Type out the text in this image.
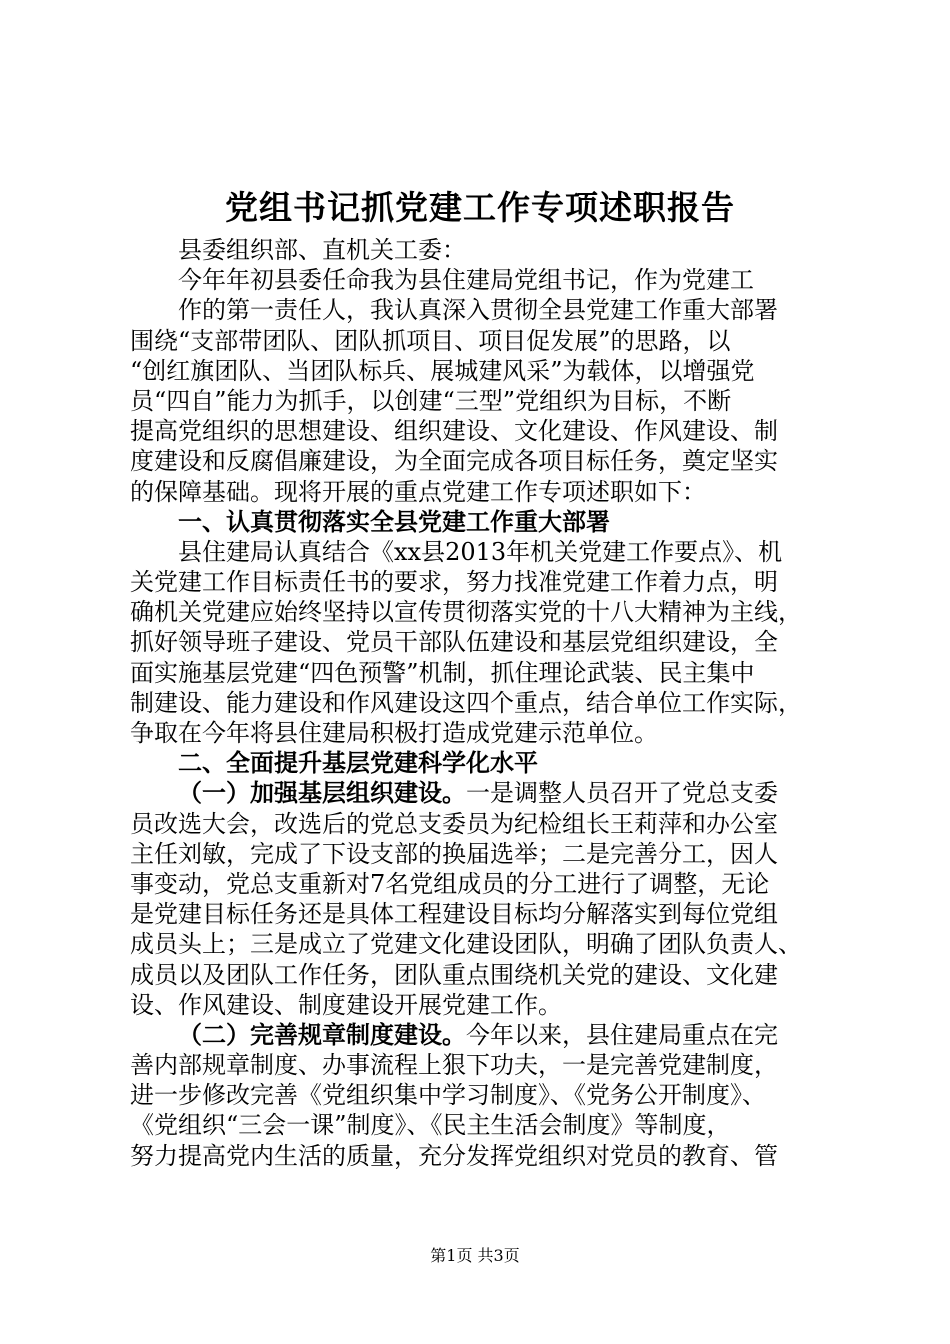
党组书记抓党建工作专项述职报告
县委组织部、直机关工委：
今年年初县委任命我为县住建局党组书记，作为党建工
作的第一责任人，我认真深入贯彻全县党建工作重大部署
围绕“支部带团队、团队抓项目、项目促发展”的思路，以
“创红旗团队、当团队标兵、展城建风采”为载体，以增强党
员“四自”能力为抓手，以创建“三型”党组织为目标，不断
提高党组织的思想建设、组织建设、文化建设、作风建设、制
度建设和反腐倡廉建设，为全面完成各项目标任务，奠定坚实
的保障基础。现将开展的重点党建工作专项述职如下：
一、认真贯彻落实全县党建工作重大部署
县住建局认真结合《xx县2013年机关党建工作要点》、机
关党建工作目标责任书的要求，努力找准党建工作着力点，明
确机关党建应始终坚持以宣传贯彻落实党的十八大精神为主线，
抓好领导班子建设、党员干部队伍建设和基层党组织建设，全
面实施基层党建“四色预警”机制，抓住理论武装、民主集中
制建设、能力建设和作风建设这四个重点，结合单位工作实际，
争取在今年将县住建局积极打造成党建示范单位。
二、全面提升基层党建科学化水平
（一）加强基层组织建设。一是调整人员召开了党总支委
员改选大会，改选后的党总支委员为纪检组长王莉萍和办公室
主任刘敏，完成了下设支部的换届选举；二是完善分工，因人
事变动，党总支重新对7名党组成员的分工进行了调整，无论
是党建目标任务还是具体工程建设目标均分解落实到每位党组
成员头上；三是成立了党建文化建设团队，明确了团队负责人、
成员以及团队工作任务，团队重点围绕机关党的建设、文化建
设、作风建设、制度建设开展党建工作。
（二）完善规章制度建设。今年以来，县住建局重点在完
善内部规章制度、办事流程上狠下功夫，一是完善党建制度，
进一步修改完善《党组织集中学习制度》、《党务公开制度》、
《党组织“三会一课”制度》、《民主生活会制度》等制度，
努力提高党内生活的质量，充分发挥党组织对党员的教育、管
第1页 共3页
